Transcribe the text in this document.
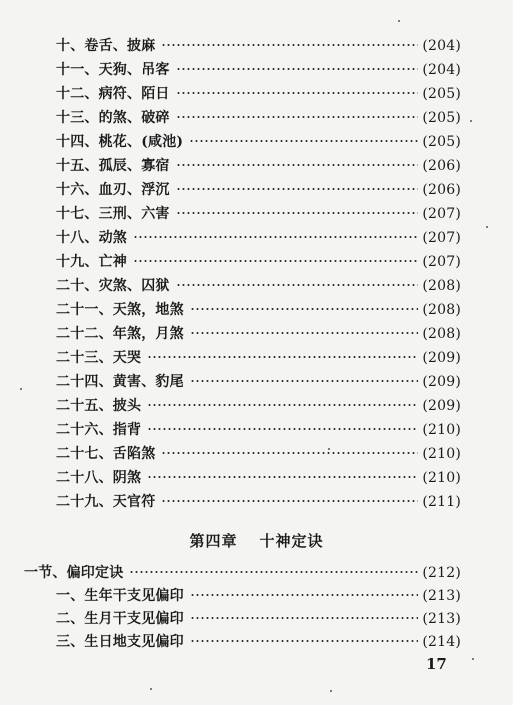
十、卷舌、披麻	(204)
十一、天狗、吊客	(204)
十二、病符、陌日	(205)
十三、的煞、破碎	(205)
十四、桃花、(咸池)	(205)
十五、孤辰、寡宿	(206)
十六、血刃、浮沉	(206)
十七、三刑、六害	(207)
十八、动煞	(207)
十九、亡神	(207)
二十、灾煞、囚狱	(208)
二十一、天煞，地煞	(208)
二十二、年煞，月煞	(208)
二十三、天哭	(209)
二十四、黄害、豹尾	(209)
二十五、披头	(209)
二十六、指背	(210)
二十七、舌陷煞	(210)
二十八、阴煞	(210)
二十九、天官符	(211)
第四章 十神定诀
一节、偏印定诀	(212)
一、生年干支见偏印	(213)
二、生月干支见偏印	(213)
三、生日地支见偏印	(214)
17
